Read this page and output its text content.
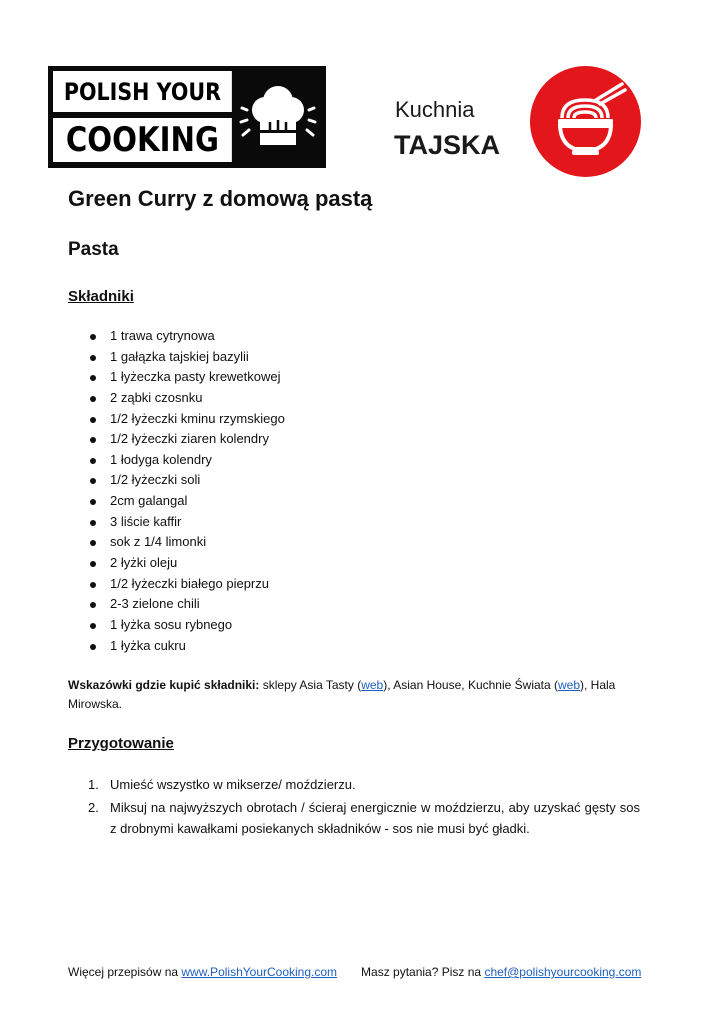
POLISH YOUR
COOKING
Kuchnia
TAJSKA
Green Curry z domową pastą
Pasta
Składniki
1 trawa cytrynowa
1 gałązka tajskiej bazylii
1 łyżeczka pasty krewetkowej
2 ząbki czosnku
1/2 łyżeczki kminu rzymskiego
1/2 łyżeczki ziaren kolendry
1 łodyga kolendry
1/2 łyżeczki soli
2cm galangal
3 liście kaffir
sok z 1/4 limonki
2 łyżki oleju
1/2 łyżeczki białego pieprzu
2-3 zielone chili
1 łyżka sosu rybnego
1 łyżka cukru
Wskazówki gdzie kupić składniki: sklepy Asia Tasty (web), Asian House, Kuchnie Świata (web), Hala Mirowska.
Przygotowanie
1. Umieść wszystko w mikserze/ moździerzu.
2. Miksuj na najwyższych obrotach / ścieraj energicznie w moździerzu, aby uzyskać gęsty sos z drobnymi kawałkami posiekanych składników - sos nie musi być gładki.
Więcej przepisów na www.PolishYourCooking.com Masz pytania? Pisz na chef@polishyourcooking.com
